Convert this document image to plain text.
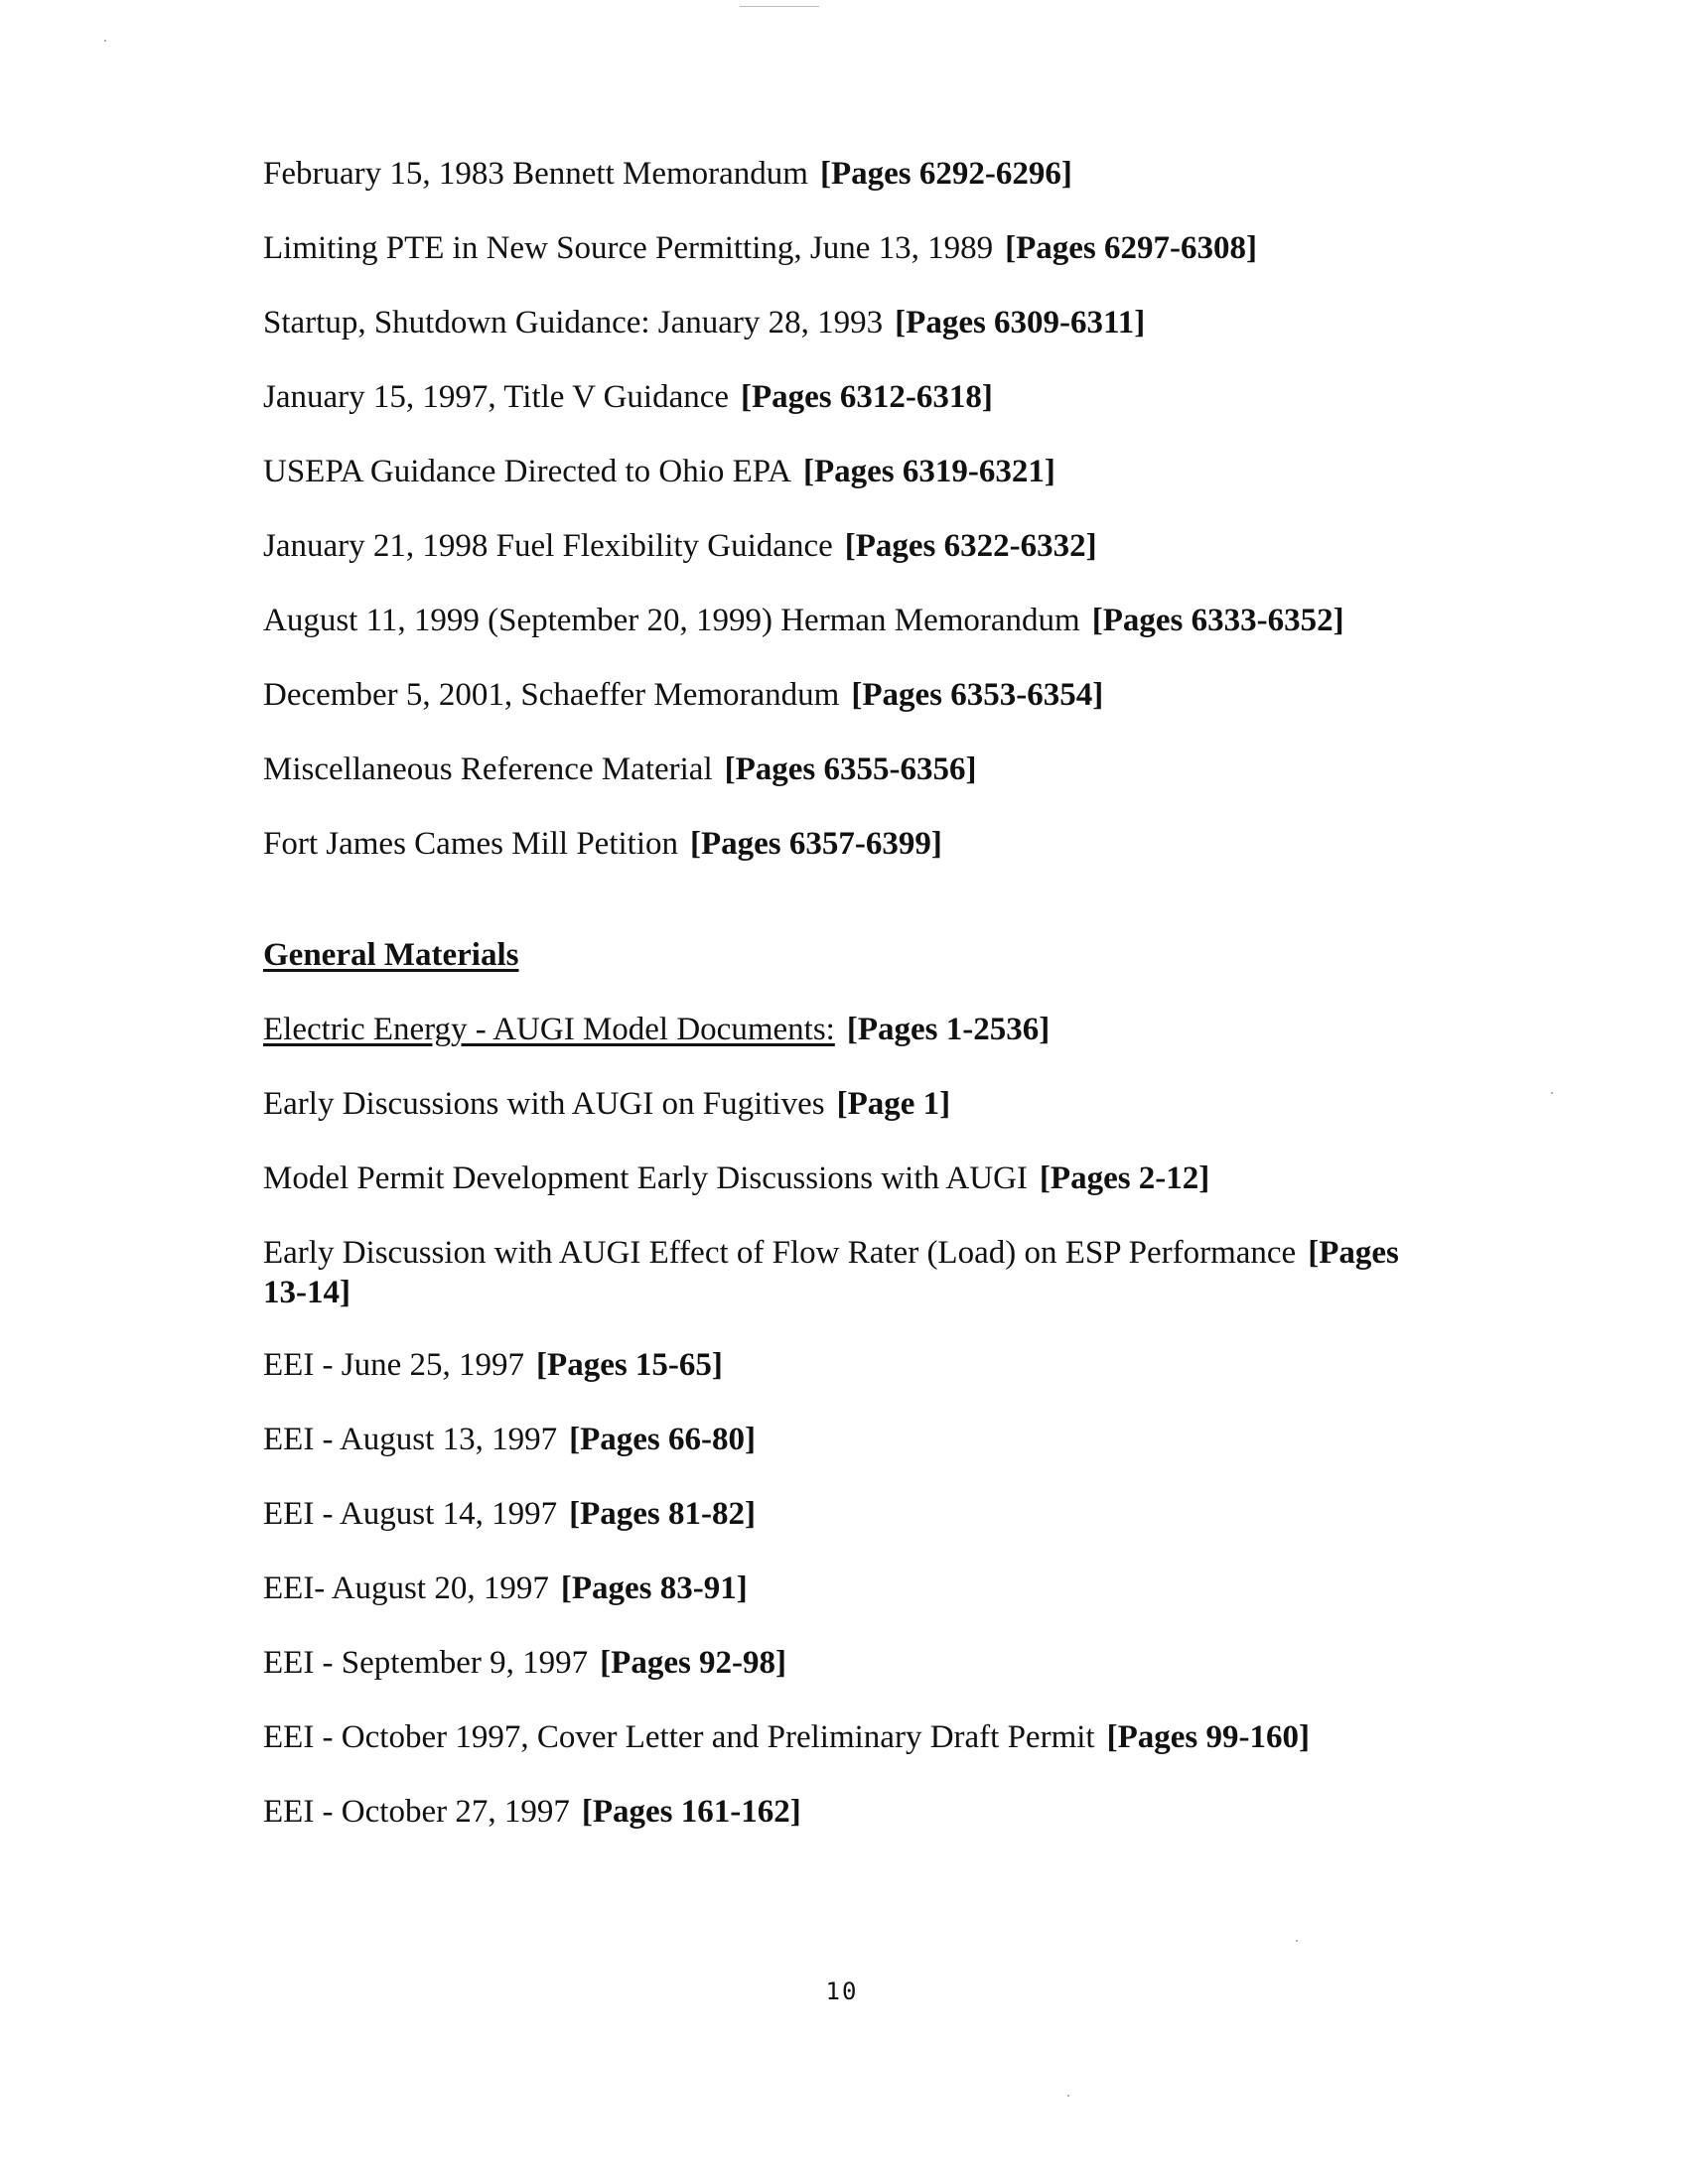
February 15, 1983 Bennett Memorandum [Pages 6292-6296]
Limiting PTE in New Source Permitting, June 13, 1989 [Pages 6297-6308]
Startup, Shutdown Guidance: January 28, 1993 [Pages 6309-6311]
January 15, 1997, Title V Guidance [Pages 6312-6318]
USEPA Guidance Directed to Ohio EPA [Pages 6319-6321]
January 21, 1998 Fuel Flexibility Guidance [Pages 6322-6332]
August 11, 1999 (September 20, 1999) Herman Memorandum [Pages 6333-6352]
December 5, 2001, Schaeffer Memorandum [Pages 6353-6354]
Miscellaneous Reference Material [Pages 6355-6356]
Fort James Cames Mill Petition [Pages 6357-6399]
General Materials
Electric Energy - AUGI Model Documents: [Pages 1-2536]
Early Discussions with AUGI on Fugitives [Page 1]
Model Permit Development Early Discussions with AUGI [Pages 2-12]
Early Discussion with AUGI Effect of Flow Rater (Load) on ESP Performance [Pages 13-14]
EEI - June 25, 1997 [Pages 15-65]
EEI - August 13, 1997 [Pages 66-80]
EEI - August 14, 1997 [Pages 81-82]
EEI- August 20, 1997 [Pages 83-91]
EEI - September 9, 1997 [Pages 92-98]
EEI - October 1997, Cover Letter and Preliminary Draft Permit [Pages 99-160]
EEI - October 27, 1997 [Pages 161-162]
10
